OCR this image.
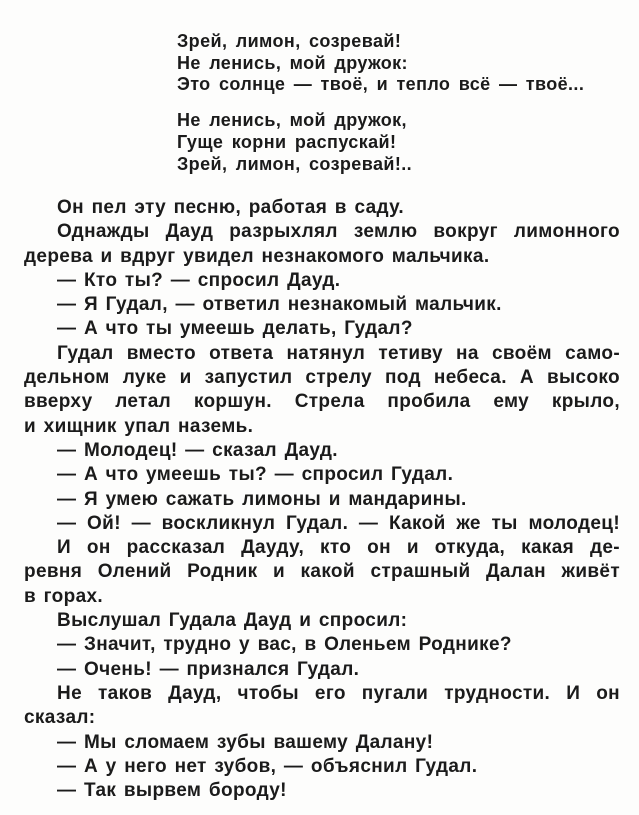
Зрей, лимон, созревай!
Не ленись, мой дружок:
Это солнце — твоё, и тепло всё — твоё...
Не ленись, мой дружок,
Гуще корни распускай!
Зрей, лимон, созревай!..
Он пел эту песню, работая в саду.
Однажды Дауд разрыхлял землю вокруг лимонного
дерева и вдруг увидел незнакомого мальчика.
— Кто ты? — спросил Дауд.
— Я Гудал, — ответил незнакомый мальчик.
— А что ты умеешь делать, Гудал?
Гудал вместо ответа натянул тетиву на своём само-
дельном луке и запустил стрелу под небеса. А высоко
вверху летал коршун. Стрела пробила ему крыло,
и хищник упал наземь.
— Молодец! — сказал Дауд.
— А что умеешь ты? — спросил Гудал.
— Я умею сажать лимоны и мандарины.
— Ой! — воскликнул Гудал. — Какой же ты молодец!
И он рассказал Дауду, кто он и откуда, какая де-
ревня Олений Родник и какой страшный Далан живёт
в горах.
Выслушал Гудала Дауд и спросил:
— Значит, трудно у вас, в Оленьем Роднике?
— Очень! — признался Гудал.
Не таков Дауд, чтобы его пугали трудности. И он
сказал:
— Мы сломаем зубы вашему Далану!
— А у него нет зубов, — объяснил Гудал.
— Так вырвем бороду!
